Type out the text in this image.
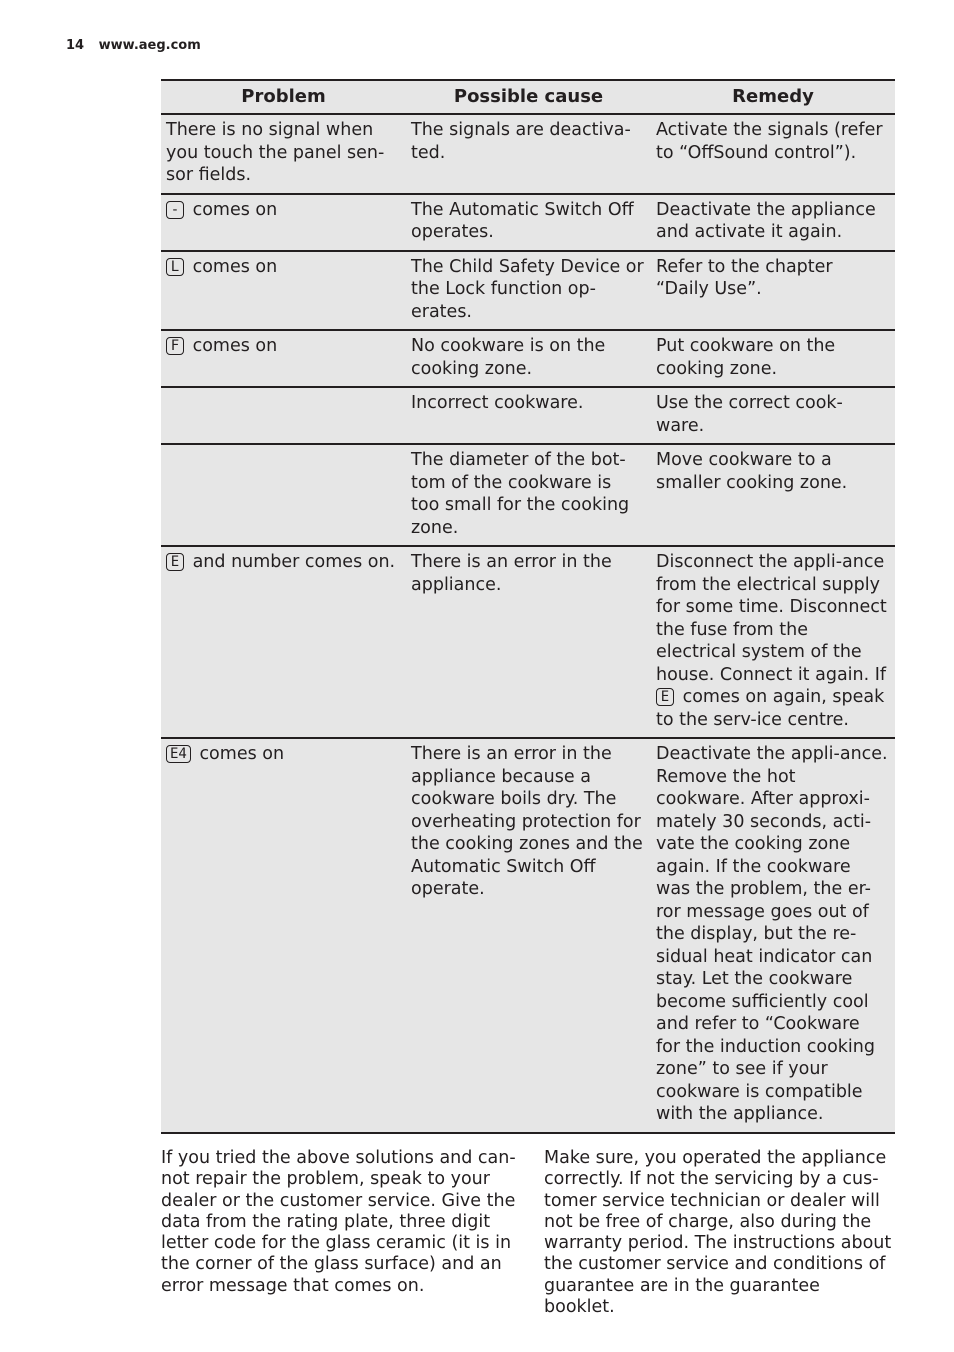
14 www.aeg.com
Problem	Possible cause	Remedy
There is no signal when you touch the panel sen-sor fields.	The signals are deactiva-ted.	Activate the signals (refer to “OffSound control”).
- comes on	The Automatic Switch Off operates.	Deactivate the appliance and activate it again.
L comes on	The Child Safety Device or the Lock function op-erates.	Refer to the chapter “Daily Use”.
F comes on	No cookware is on the cooking zone.	Put cookware on the cooking zone.
	Incorrect cookware.	Use the correct cook-ware.
	The diameter of the bot-tom of the cookware is too small for the cooking zone.	Move cookware to a smaller cooking zone.
E and number comes on.	There is an error in the appliance.	Disconnect the appli-ance from the electrical supply for some time. Disconnect the fuse from the electrical system of the house. Connect it again. If E comes on again, speak to the serv-ice centre.
E4 comes on	There is an error in the appliance because a cookware boils dry. The overheating protection for the cooking zones and the Automatic Switch Off operate.	Deactivate the appli-ance. Remove the hot cookware. After approxi-mately 30 seconds, acti-vate the cooking zone again. If the cookware was the problem, the er-ror message goes out of the display, but the re-sidual heat indicator can stay. Let the cookware become sufficiently cool and refer to “Cookware for the induction cooking zone” to see if your cookware is compatible with the appliance.
If you tried the above solutions and can-not repair the problem, speak to your dealer or the customer service. Give the data from the rating plate, three digit letter code for the glass ceramic (it is in the corner of the glass surface) and an error message that comes on.
Make sure, you operated the appliance correctly. If not the servicing by a cus-tomer service technician or dealer will not be free of charge, also during the warranty period. The instructions about the customer service and conditions of guarantee are in the guarantee booklet.
